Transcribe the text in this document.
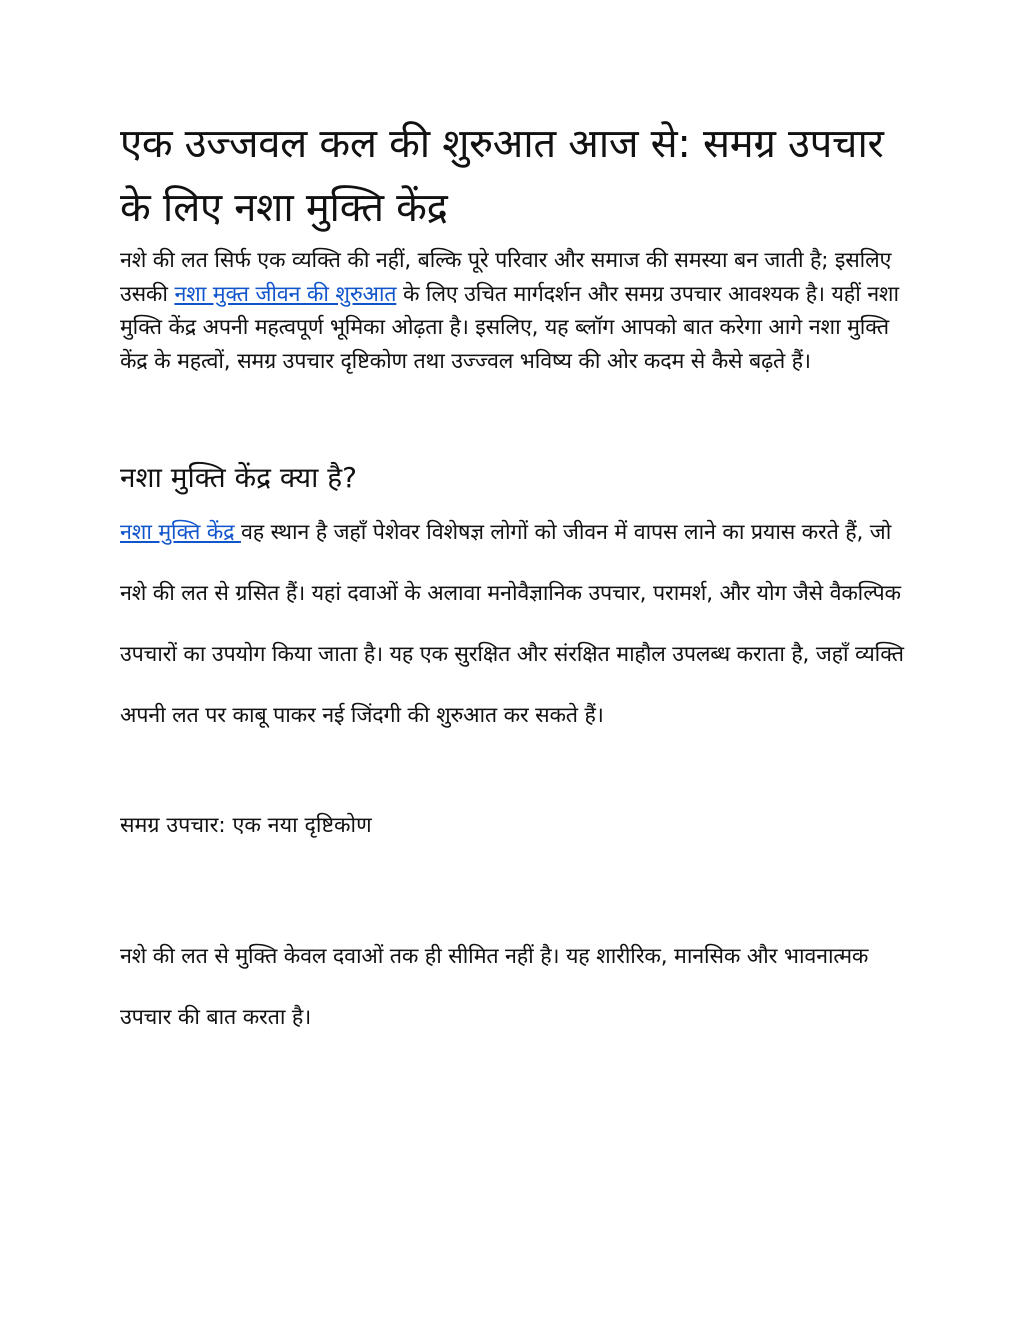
एक उज्जवल कल की शुरुआत आज से: समग्र उपचार के लिए नशा मुक्ति केंद्र

नशे की लत सिर्फ एक व्यक्ति की नहीं, बल्कि पूरे परिवार और समाज की समस्या बन जाती है; इसलिए उसकी नशा मुक्त जीवन की शुरुआत के लिए उचित मार्गदर्शन और समग्र उपचार आवश्यक है। यहीं नशा मुक्ति केंद्र अपनी महत्वपूर्ण भूमिका ओढ़ता है। इसलिए, यह ब्लॉग आपको बात करेगा आगे नशा मुक्ति केंद्र के महत्वों, समग्र उपचार दृष्टिकोण तथा उज्ज्वल भविष्य की ओर कदम से कैसे बढ़ते हैं।

नशा मुक्ति केंद्र क्या है?

नशा मुक्ति केंद्र वह स्थान है जहाँ पेशेवर विशेषज्ञ लोगों को जीवन में वापस लाने का प्रयास करते हैं, जो नशे की लत से ग्रसित हैं। यहां दवाओं के अलावा मनोवैज्ञानिक उपचार, परामर्श, और योग जैसे वैकल्पिक उपचारों का उपयोग किया जाता है। यह एक सुरक्षित और संरक्षित माहौल उपलब्ध कराता है, जहाँ व्यक्ति अपनी लत पर काबू पाकर नई जिंदगी की शुरुआत कर सकते हैं।

समग्र उपचार: एक नया दृष्टिकोण

नशे की लत से मुक्ति केवल दवाओं तक ही सीमित नहीं है। यह शारीरिक, मानसिक और भावनात्मक उपचार की बात करता है।
